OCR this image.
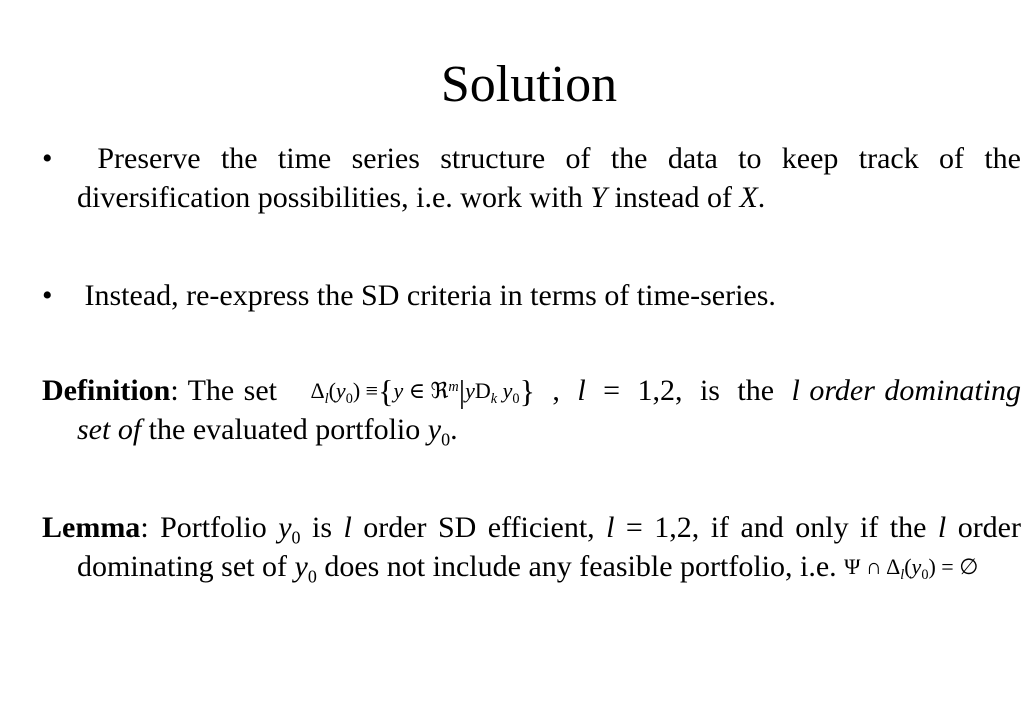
Solution
• Preserve the time series structure of the data to keep track of the diversification possibilities, i.e. work with Y instead of X.
• Instead, re-express the SD criteria in terms of time-series.
Definition: The set $\Delta_l(y_0) \equiv\{y$ ∈ $ℜ^m|yD_k$ $y_0$} , l = 1,2, is the l order dominating set of the evaluated portfolio $y_0$.
Lemma: Portfolio $y_0$ is l order SD efficient, l = 1,2, if and only if the l order dominating set of $y_0$ does not include any feasible portfolio, i.e. Ψ ∩ $\Delta_l(y_0)$ = ∅
